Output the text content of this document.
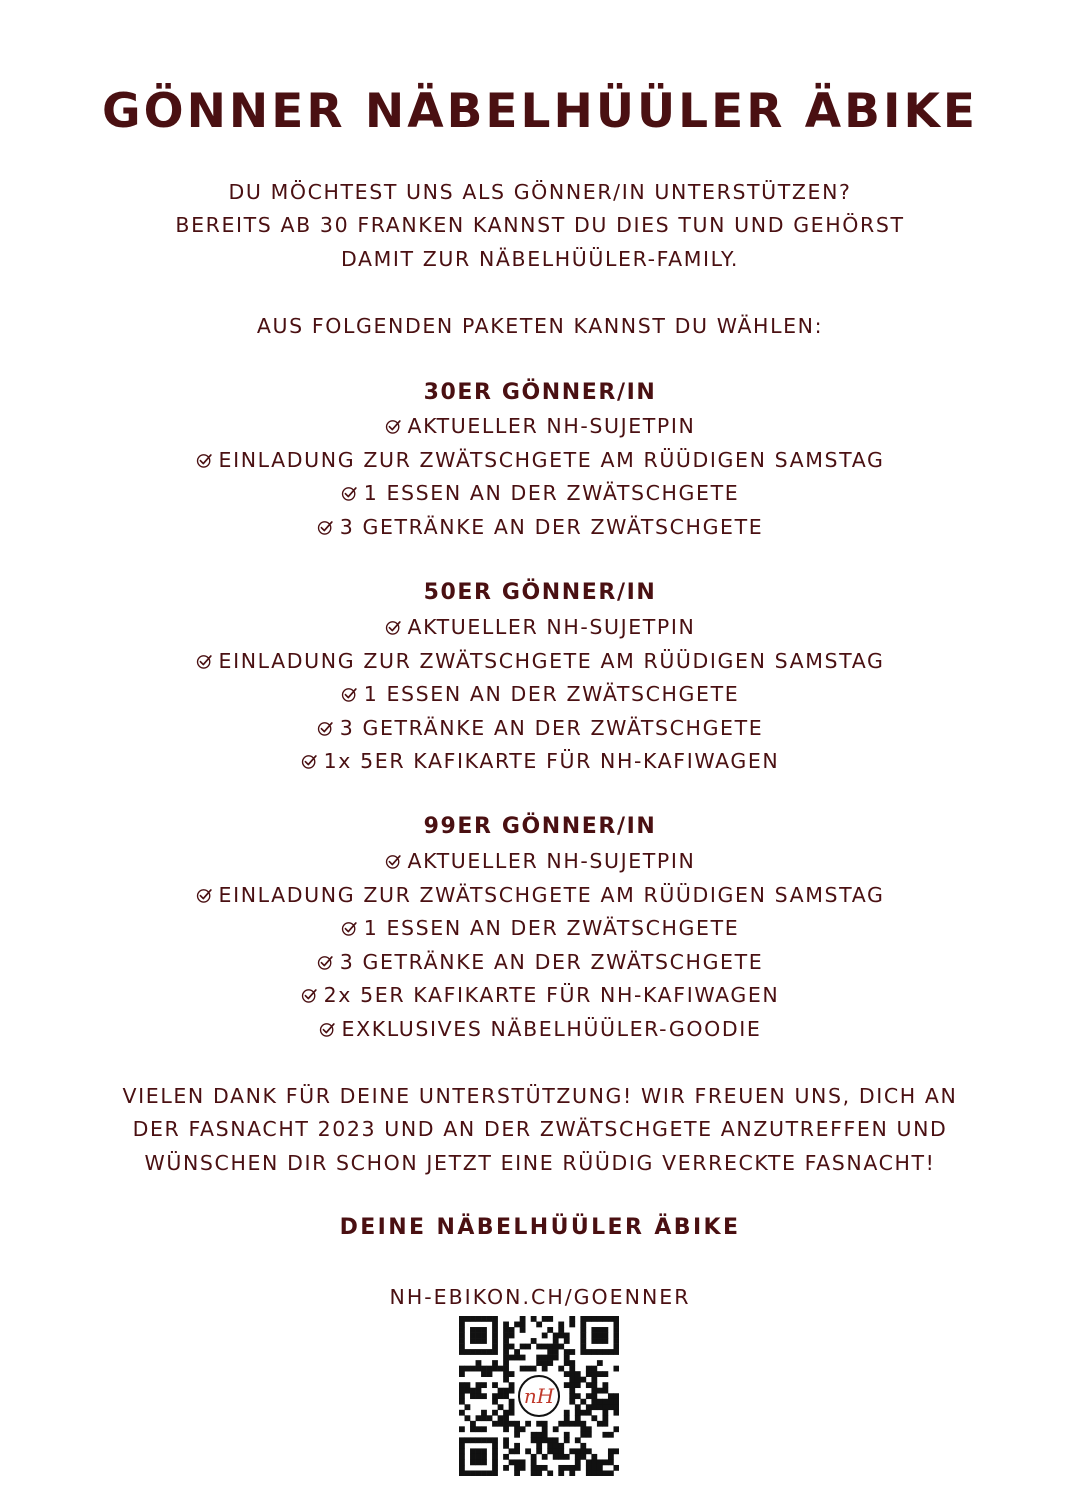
GÖNNER NÄBELHÜÜLER ÄBIKE
DU MÖCHTEST UNS ALS GÖNNER/IN UNTERSTÜTZEN?
BEREITS AB 30 FRANKEN KANNST DU DIES TUN UND GEHÖRST
DAMIT ZUR NÄBELHÜÜLER-FAMILY.
AUS FOLGENDEN PAKETEN KANNST DU WÄHLEN:
30ER GÖNNER/IN
AKTUELLER NH-SUJETPIN
EINLADUNG ZUR ZWÄTSCHGETE AM RÜÜDIGEN SAMSTAG
1 ESSEN AN DER ZWÄTSCHGETE
3 GETRÄNKE AN DER ZWÄTSCHGETE
50ER GÖNNER/IN
AKTUELLER NH-SUJETPIN
EINLADUNG ZUR ZWÄTSCHGETE AM RÜÜDIGEN SAMSTAG
1 ESSEN AN DER ZWÄTSCHGETE
3 GETRÄNKE AN DER ZWÄTSCHGETE
1x 5ER KAFIKARTE FÜR NH-KAFIWAGEN
99ER GÖNNER/IN
AKTUELLER NH-SUJETPIN
EINLADUNG ZUR ZWÄTSCHGETE AM RÜÜDIGEN SAMSTAG
1 ESSEN AN DER ZWÄTSCHGETE
3 GETRÄNKE AN DER ZWÄTSCHGETE
2x 5ER KAFIKARTE FÜR NH-KAFIWAGEN
EXKLUSIVES NÄBELHÜÜLER-GOODIE
VIELEN DANK FÜR DEINE UNTERSTÜTZUNG! WIR FREUEN UNS, DICH AN
DER FASNACHT 2023 UND AN DER ZWÄTSCHGETE ANZUTREFFEN UND
WÜNSCHEN DIR SCHON JETZT EINE RÜÜDIG VERRECKTE FASNACHT!
DEINE NÄBELHÜÜLER ÄBIKE
NH-EBIKON.CH/GOENNER
nH
